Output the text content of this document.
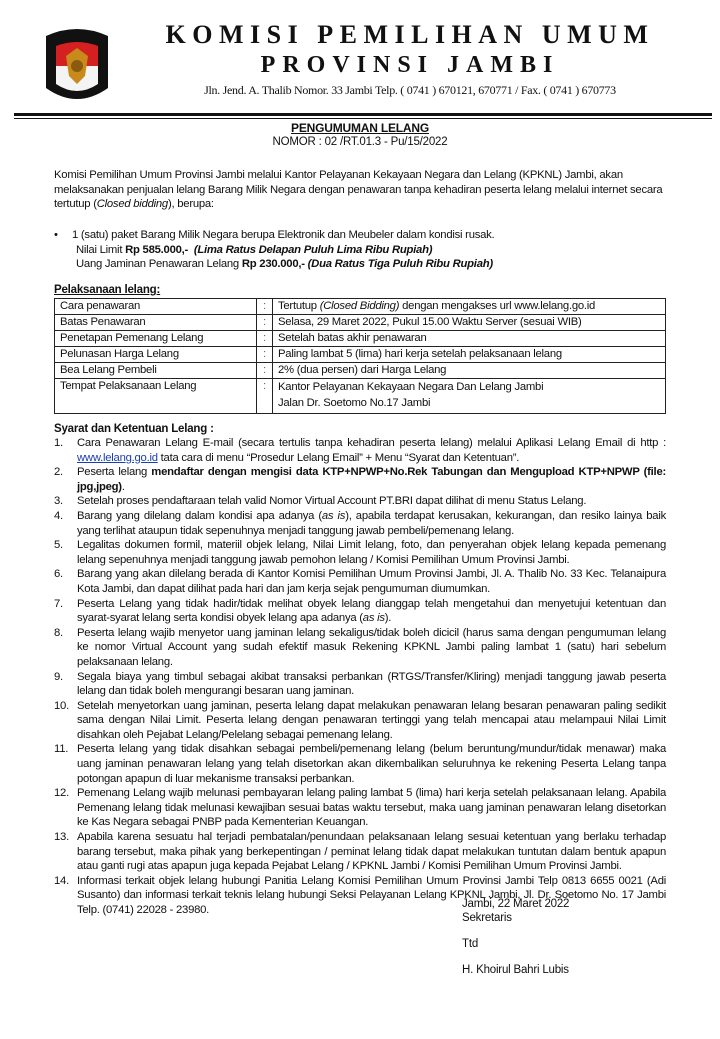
KOMISI PEMILIHAN UMUM
PROVINSI JAMBI
Jln. Jend. A. Thalib Nomor. 33 Jambi Telp. ( 0741 ) 670121, 670771 / Fax. ( 0741 ) 670773
PENGUMUMAN LELANG
NOMOR : 02 /RT.01.3 - Pu/15/2022
Komisi Pemilihan Umum Provinsi Jambi melalui Kantor Pelayanan Kekayaan Negara dan Lelang (KPKNL) Jambi, akan melaksanakan penjualan lelang Barang Milik Negara dengan penawaran tanpa kehadiran peserta lelang melalui internet secara tertutup (Closed bidding), berupa:
•	1 (satu) paket Barang Milik Negara berupa Elektronik dan Meubeler dalam kondisi rusak.
Nilai Limit Rp 585.000,- (Lima Ratus Delapan Puluh Lima Ribu Rupiah)
Uang Jaminan Penawaran Lelang Rp 230.000,- (Dua Ratus Tiga Puluh Ribu Rupiah)
Pelaksanaan lelang:
Cara penawaran	:	Tertutup (Closed Bidding) dengan mengakses url www.lelang.go.id
Batas Penawaran	:	Selasa, 29 Maret 2022, Pukul 15.00 Waktu Server (sesuai WIB)
Penetapan Pemenang Lelang	:	Setelah batas akhir penawaran
Pelunasan Harga Lelang	:	Paling lambat 5 (lima) hari kerja setelah pelaksanaan lelang
Bea Lelang Pembeli	:	2% (dua persen) dari Harga Lelang
Tempat Pelaksanaan Lelang	:	Kantor Pelayanan Kekayaan Negara Dan Lelang Jambi
Jalan Dr. Soetomo No.17 Jambi
Syarat dan Ketentuan Lelang :
1. Cara Penawaran Lelang E-mail (secara tertulis tanpa kehadiran peserta lelang) melalui Aplikasi Lelang Email di http : www.lelang.go.id tata cara di menu “Prosedur Lelang Email” + Menu “Syarat dan Ketentuan”.
2. Peserta lelang mendaftar dengan mengisi data KTP+NPWP+No.Rek Tabungan dan Mengupload KTP+NPWP (file: jpg,jpeg).
3. Setelah proses pendaftaraan telah valid Nomor Virtual Account PT.BRI dapat dilihat di menu Status Lelang.
4. Barang yang dilelang dalam kondisi apa adanya (as is), apabila terdapat kerusakan, kekurangan, dan resiko lainya baik yang terlihat ataupun tidak sepenuhnya menjadi tanggung jawab pembeli/pemenang lelang.
5. Legalitas dokumen formil, materiil objek lelang, Nilai Limit lelang, foto, dan penyerahan objek lelang kepada pemenang lelang sepenuhnya menjadi tanggung jawab pemohon lelang / Komisi Pemilihan Umum Provinsi Jambi.
6. Barang yang akan dilelang berada di Kantor Komisi Pemilihan Umum Provinsi Jambi, Jl. A. Thalib No. 33 Kec. Telanaipura Kota Jambi, dan dapat dilihat pada hari dan jam kerja sejak pengumuman diumumkan.
7. Peserta Lelang yang tidak hadir/tidak melihat obyek lelang dianggap telah mengetahui dan menyetujui ketentuan dan syarat-syarat lelang serta kondisi obyek lelang apa adanya (as is).
8. Peserta lelang wajib menyetor uang jaminan lelang sekaligus/tidak boleh dicicil (harus sama dengan pengumuman lelang ke nomor Virtual Account yang sudah efektif masuk Rekening KPKNL Jambi paling lambat 1 (satu) hari sebelum pelaksanaan lelang.
9. Segala biaya yang timbul sebagai akibat transaksi perbankan (RTGS/Transfer/Kliring) menjadi tanggung jawab peserta lelang dan tidak boleh mengurangi besaran uang jaminan.
10. Setelah menyetorkan uang jaminan, peserta lelang dapat melakukan penawaran lelang besaran penawaran paling sedikit sama dengan Nilai Limit. Peserta lelang dengan penawaran tertinggi yang telah mencapai atau melampaui Nilai Limit disahkan oleh Pejabat Lelang/Pelelang sebagai pemenang lelang.
11. Peserta lelang yang tidak disahkan sebagai pembeli/pemenang lelang (belum beruntung/mundur/tidak menawar) maka uang jaminan penawaran lelang yang telah disetorkan akan dikembalikan seluruhnya ke rekening Peserta Lelang tanpa potongan apapun di luar mekanisme transaksi perbankan.
12. Pemenang Lelang wajib melunasi pembayaran lelang paling lambat 5 (lima) hari kerja setelah pelaksanaan lelang. Apabila Pemenang lelang tidak melunasi kewajiban sesuai batas waktu tersebut, maka uang jaminan penawaran lelang disetorkan ke Kas Negara sebagai PNBP pada Kementerian Keuangan.
13. Apabila karena sesuatu hal terjadi pembatalan/penundaan pelaksanaan lelang sesuai ketentuan yang berlaku terhadap barang tersebut, maka pihak yang berkepentingan / peminat lelang tidak dapat melakukan tuntutan dalam bentuk apapun atau ganti rugi atas apapun juga kepada Pejabat Lelang / KPKNL Jambi / Komisi Pemilihan Umum Provinsi Jambi.
14. Informasi terkait objek lelang hubungi Panitia Lelang Komisi Pemilihan Umum Provinsi Jambi Telp 0813 6655 0021 (Adi Susanto) dan informasi terkait teknis lelang hubungi Seksi Pelayanan Lelang KPKNL Jambi, Jl. Dr. Soetomo No. 17 Jambi Telp. (0741) 22028 - 23980.	Jambi, 22 Maret 2022
Sekretaris
Ttd
H. Khoirul Bahri Lubis
